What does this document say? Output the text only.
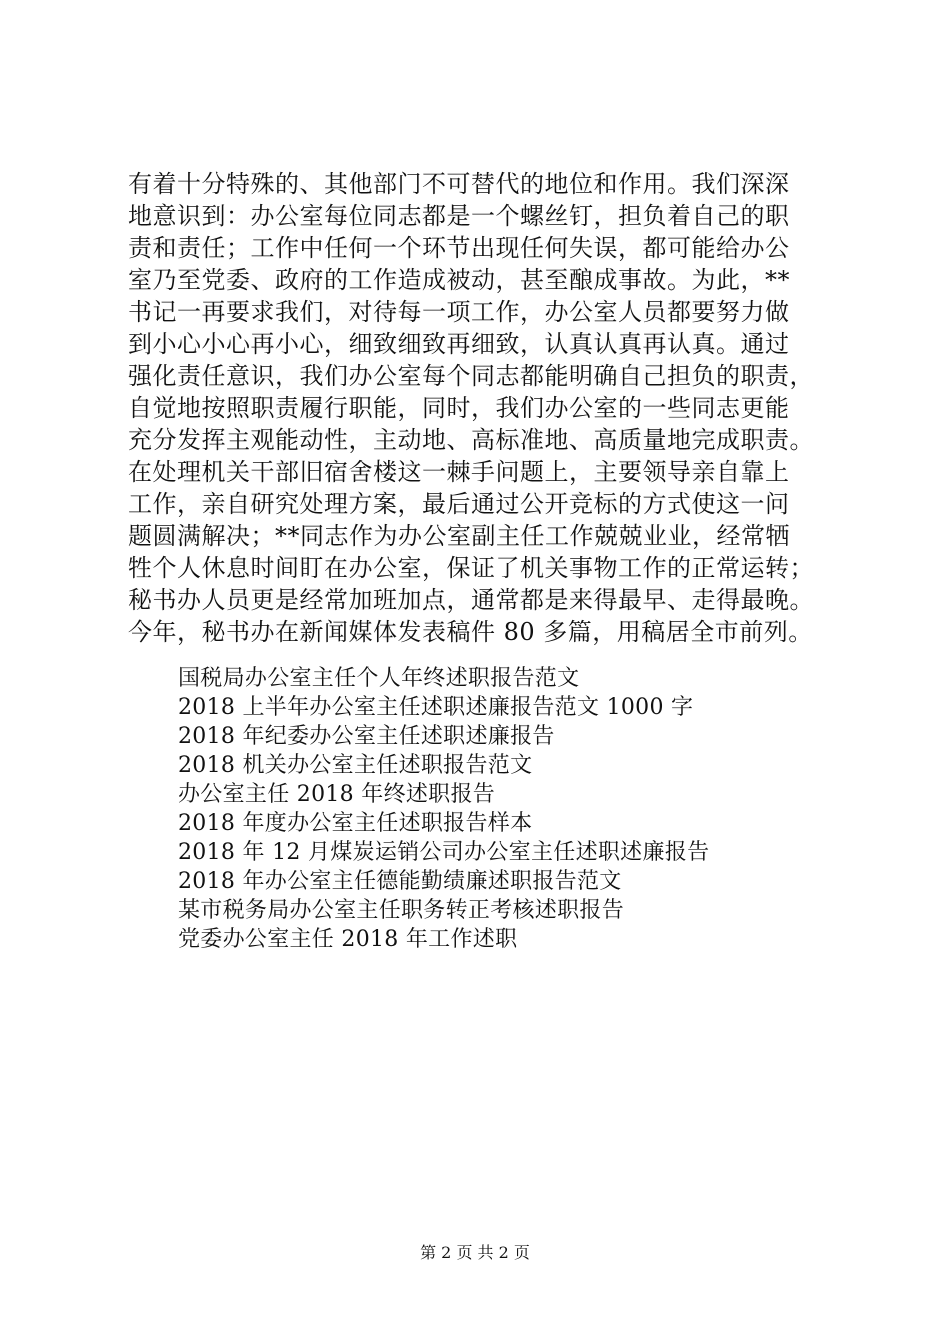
有着十分特殊的、其他部门不可替代的地位和作用。我们深深
地意识到：办公室每位同志都是一个螺丝钉，担负着自己的职
责和责任；工作中任何一个环节出现任何失误，都可能给办公
室乃至党委、政府的工作造成被动，甚至酿成事故。为此，**
书记一再要求我们，对待每一项工作，办公室人员都要努力做
到小心小心再小心，细致细致再细致，认真认真再认真。通过
强化责任意识，我们办公室每个同志都能明确自己担负的职责，
自觉地按照职责履行职能，同时，我们办公室的一些同志更能
充分发挥主观能动性，主动地、高标准地、高质量地完成职责。
在处理机关干部旧宿舍楼这一棘手问题上，主要领导亲自靠上
工作，亲自研究处理方案，最后通过公开竞标的方式使这一问
题圆满解决；**同志作为办公室副主任工作兢兢业业，经常牺
牲个人休息时间盯在办公室，保证了机关事物工作的正常运转；
秘书办人员更是经常加班加点，通常都是来得最早、走得最晚。
今年，秘书办在新闻媒体发表稿件 80 多篇，用稿居全市前列。
国税局办公室主任个人年终述职报告范文
2018 上半年办公室主任述职述廉报告范文 1000 字
2018 年纪委办公室主任述职述廉报告
2018 机关办公室主任述职报告范文
办公室主任 2018 年终述职报告
2018 年度办公室主任述职报告样本
2018 年 12 月煤炭运销公司办公室主任述职述廉报告
2018 年办公室主任德能勤绩廉述职报告范文
某市税务局办公室主任职务转正考核述职报告
党委办公室主任 2018 年工作述职
第 2 页 共 2 页
